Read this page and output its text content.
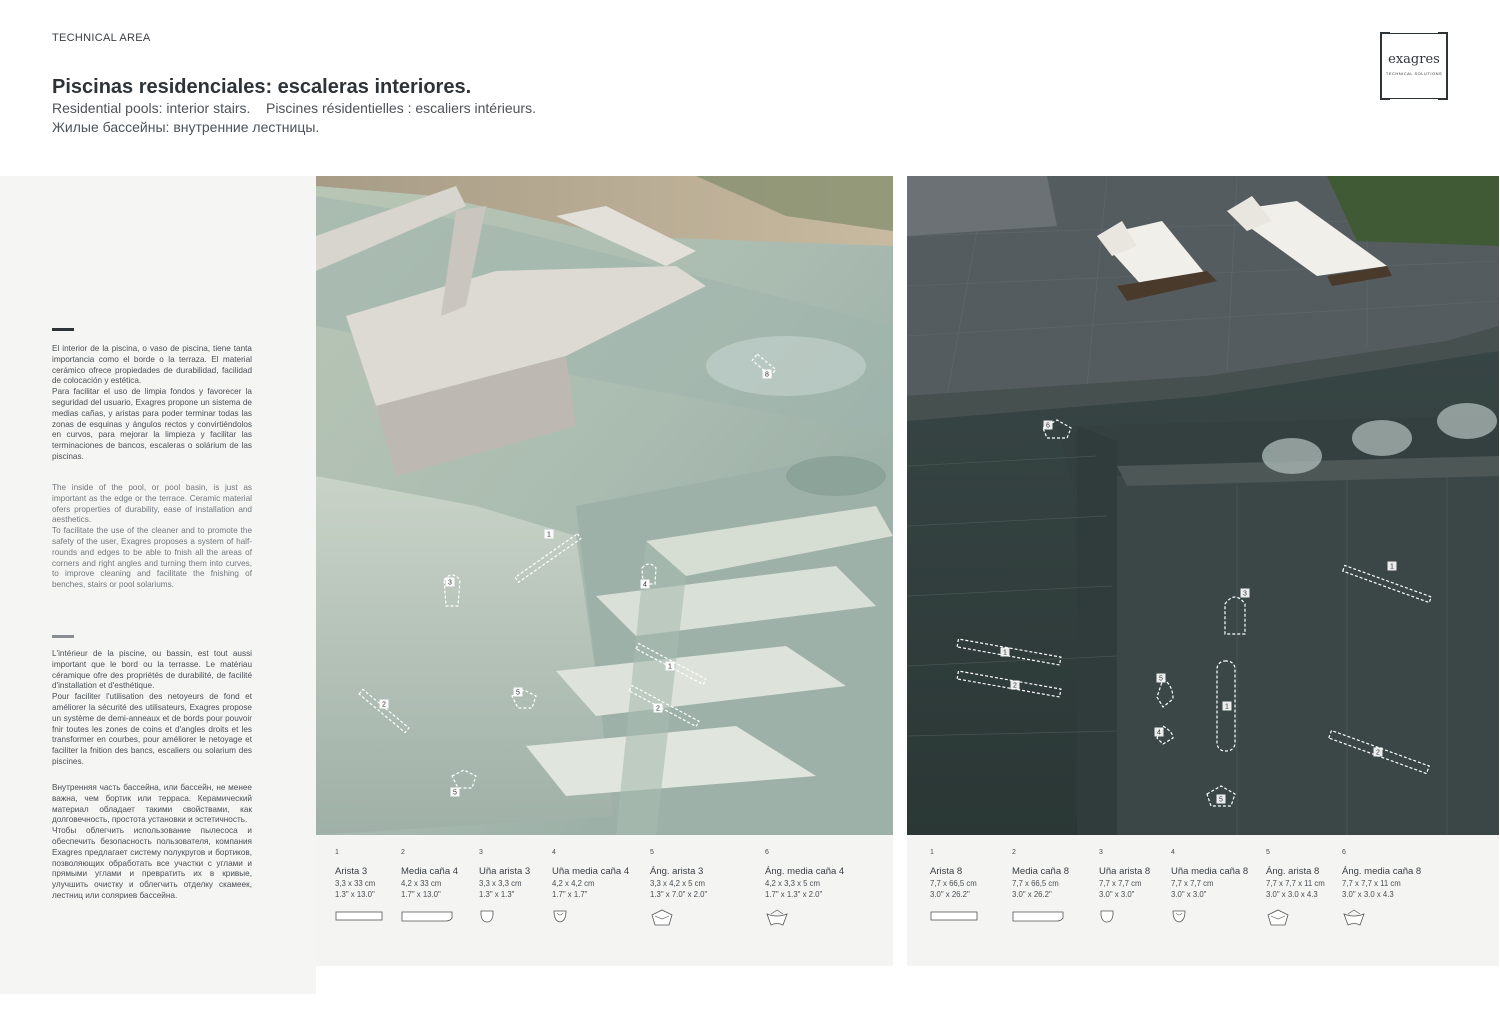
TECHNICAL AREA
Piscinas residenciales: escaleras interiores.
Residential pools: interior stairs.    Piscines résidentielles : escaliers intérieurs.
Жилые бассейны: внутренние лестницы.
exagres
TECHNICAL SOLUTIONS
El interior de la piscina, o vaso de piscina, tiene tanta importancia como el borde o la terraza. El material cerámico ofrece propiedades de durabilidad, facilidad de colocación y estética.
Para facilitar el uso de limpia fondos y favorecer la seguridad del usuario, Exagres propone un sistema de medias cañas, y aristas para poder terminar todas las zonas de esquinas y ángulos rectos y convirtiéndolos en curvos, para mejorar la limpieza y facilitar las terminaciones de bancos, escaleras o solárium de las piscinas.
The inside of the pool, or pool basin, is just as important as the edge or the terrace. Ceramic material ofers properties of durability, ease of installation and aesthetics.
To facilitate the use of the cleaner and to promote the safety of the user, Exagres proposes a system of half-rounds and edges to be able to fnish all the areas of corners and right angles and turning them into curves, to improve cleaning and facilitate the fnishing of benches, stairs or pool solariums.
L'intérieur de la piscine, ou bassin, est tout aussi important que le bord ou la terrasse. Le matériau céramique ofre des propriétés de durabilité, de facilité d'installation et d'esthétique.
Pour faciliter l'utilisation des netoyeurs de fond et améliorer la sécurité des utilisateurs, Exagres propose un système de demi-anneaux et de bords pour pouvoir fnir toutes les zones de coins et d'angles droits et les transformer en courbes, pour améliorer le netoyage et faciliter la fnition des bancs, escaliers ou solarium des piscines.
Внутренняя часть бассейна, или бассейн, не менее важна, чем бортик или терраса. Керамический материал обладает такими свойствами, как долговечность, простота установки и эстетичность.
Чтобы облегчить использование пылесоса и обеспечить безопасность пользователя, компания Exagres предлагает систему полукругов и бортиков, позволяющих обработать все участки с углами и прямыми углами и превратить их в кривые, улучшить очистку и облегчить отделку скамеек, лестниц или соляриев бассейна.
8
1
3	4
1
2
5
2
5
6
1
3
1
2
5
1
4
2
5
1
Arista 3
3,3 x 33 cm
1.3" x 13.0"
2
Media caña 4
4,2 x 33 cm
1.7" x 13.0"
3
Uña arista 3
3,3 x 3,3 cm
1.3" x 1.3"
4
Uña media caña 4
4,2 x 4,2 cm
1.7" x 1.7"
5
Áng. arista 3
3,3 x 4,2 x 5 cm
1.3" x 7.0" x 2.0"
6
Áng. media caña 4
4,2 x 3,3 x 5 cm
1.7" x 1.3" x 2.0"
1
Arista 8
7,7 x 66,5 cm
3.0" x 26.2"
2
Media caña 8
7,7 x 66,5 cm
3.0" x 26.2"
3
Uña arista 8
7,7 x 7,7 cm
3.0" x 3.0"
4
Uña media caña 8
7,7 x 7,7 cm
3.0" x 3.0"
5
Áng. arista 8
7,7 x 7,7 x 11 cm
3.0" x 3.0 x 4.3
6
Áng. media caña 8
7,7 x 7,7 x 11 cm
3.0" x 3.0 x 4.3
